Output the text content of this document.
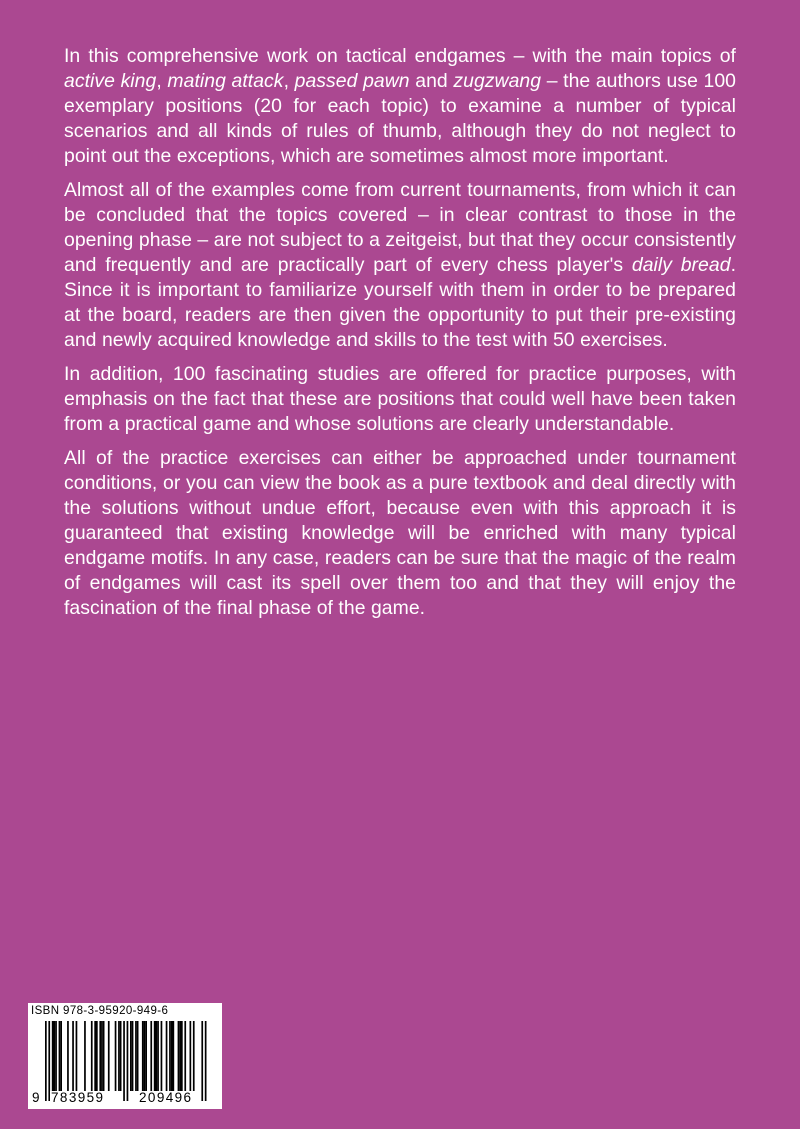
In this comprehensive work on tactical endgames – with the main topics of active king, mating attack, passed pawn and zugzwang – the authors use 100 exemplary positions (20 for each topic) to examine a number of typical scenarios and all kinds of rules of thumb, although they do not neglect to point out the exceptions, which are sometimes almost more important.

Almost all of the examples come from current tournaments, from which it can be concluded that the topics covered – in clear contrast to those in the opening phase – are not subject to a zeitgeist, but that they occur consistently and frequently and are practically part of every chess player's daily bread. Since it is important to familiarize yourself with them in order to be prepared at the board, readers are then given the opportunity to put their pre-existing and newly acquired knowledge and skills to the test with 50 exercises.

In addition, 100 fascinating studies are offered for practice purposes, with emphasis on the fact that these are positions that could well have been taken from a practical game and whose solutions are clearly understandable.

All of the practice exercises can either be approached under tournament conditions, or you can view the book as a pure textbook and deal directly with the solutions without undue effort, because even with this approach it is guaranteed that existing knowledge will be enriched with many typical endgame motifs. In any case, readers can be sure that the magic of the realm of endgames will cast its spell over them too and that they will enjoy the fascination of the final phase of the game.

ISBN 978-3-95920-949-6
9 783959	209496
